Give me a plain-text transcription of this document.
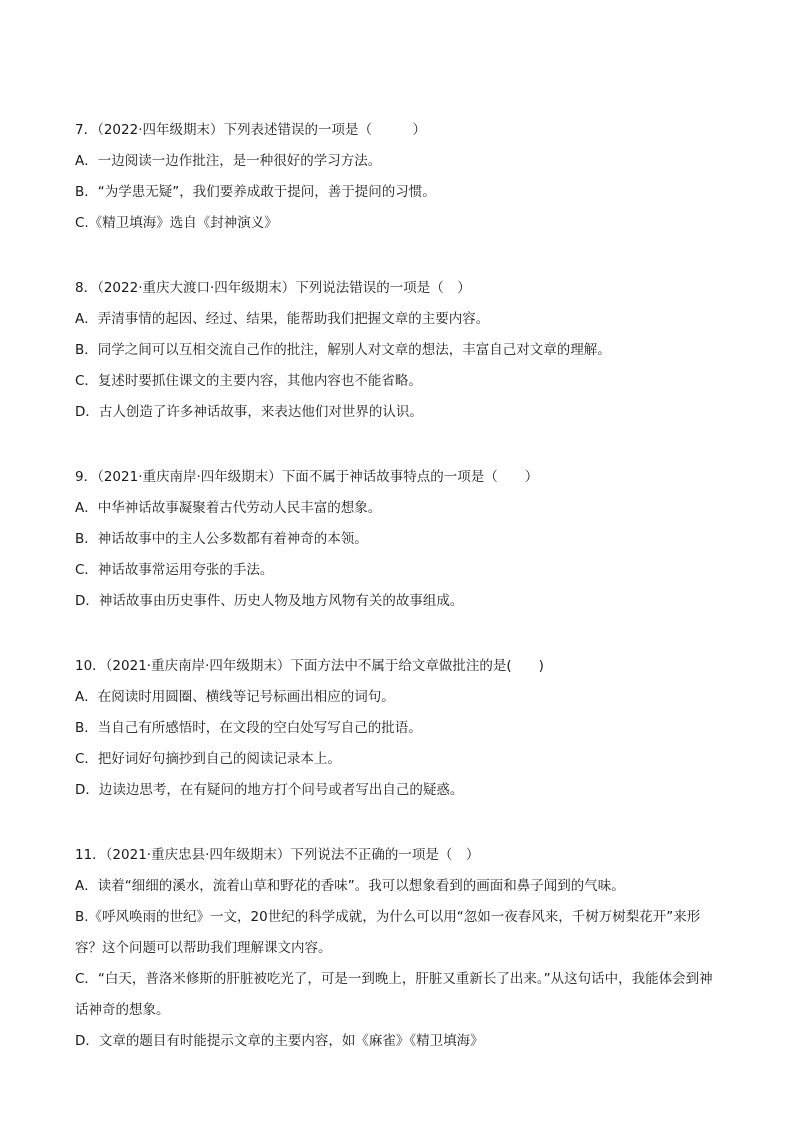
7．（2022·四年级期末）下列表述错误的一项是（　　　）
A．一边阅读一边作批注，是一种很好的学习方法。
B．“为学患无疑”，我们要养成敢于提问，善于提问的习惯。
C.《精卫填海》选自《封神演义》
8．（2022·重庆大渡口·四年级期末）下列说法错误的一项是（　）
A．弄清事情的起因、经过、结果，能帮助我们把握文章的主要内容。
B．同学之间可以互相交流自己作的批注，解别人对文章的想法，丰富自己对文章的理解。
C．复述时要抓住课文的主要内容，其他内容也不能省略。
D．古人创造了许多神话故事，来表达他们对世界的认识。
9．（2021·重庆南岸·四年级期末）下面不属于神话故事特点的一项是（　　）
A．中华神话故事凝聚着古代劳动人民丰富的想象。
B．神话故事中的主人公多数都有着神奇的本领。
C．神话故事常运用夸张的手法。
D．神话故事由历史事件、历史人物及地方风物有关的故事组成。
10．（2021·重庆南岸·四年级期末）下面方法中不属于给文章做批注的是(　　)
A．在阅读时用圆圈、横线等记号标画出相应的词句。
B．当自己有所感悟时，在文段的空白处写写自己的批语。
C．把好词好句摘抄到自己的阅读记录本上。
D．边读边思考，在有疑问的地方打个问号或者写出自己的疑惑。
11．（2021·重庆忠县·四年级期末）下列说法不正确的一项是（　）
A．读着“细细的溪水，流着山草和野花的香味”。我可以想象看到的画面和鼻子闻到的气味。
B.《呼风唤雨的世纪》一文，20世纪的科学成就，为什么可以用“忽如一夜春风来，千树万树梨花开”来形容？这个问题可以帮助我们理解课文内容。
C．“白天，普洛米修斯的肝脏被吃光了，可是一到晚上，肝脏又重新长了出来。”从这句话中，我能体会到神话神奇的想象。
D．文章的题目有时能提示文章的主要内容，如《麻雀》《精卫填海》
